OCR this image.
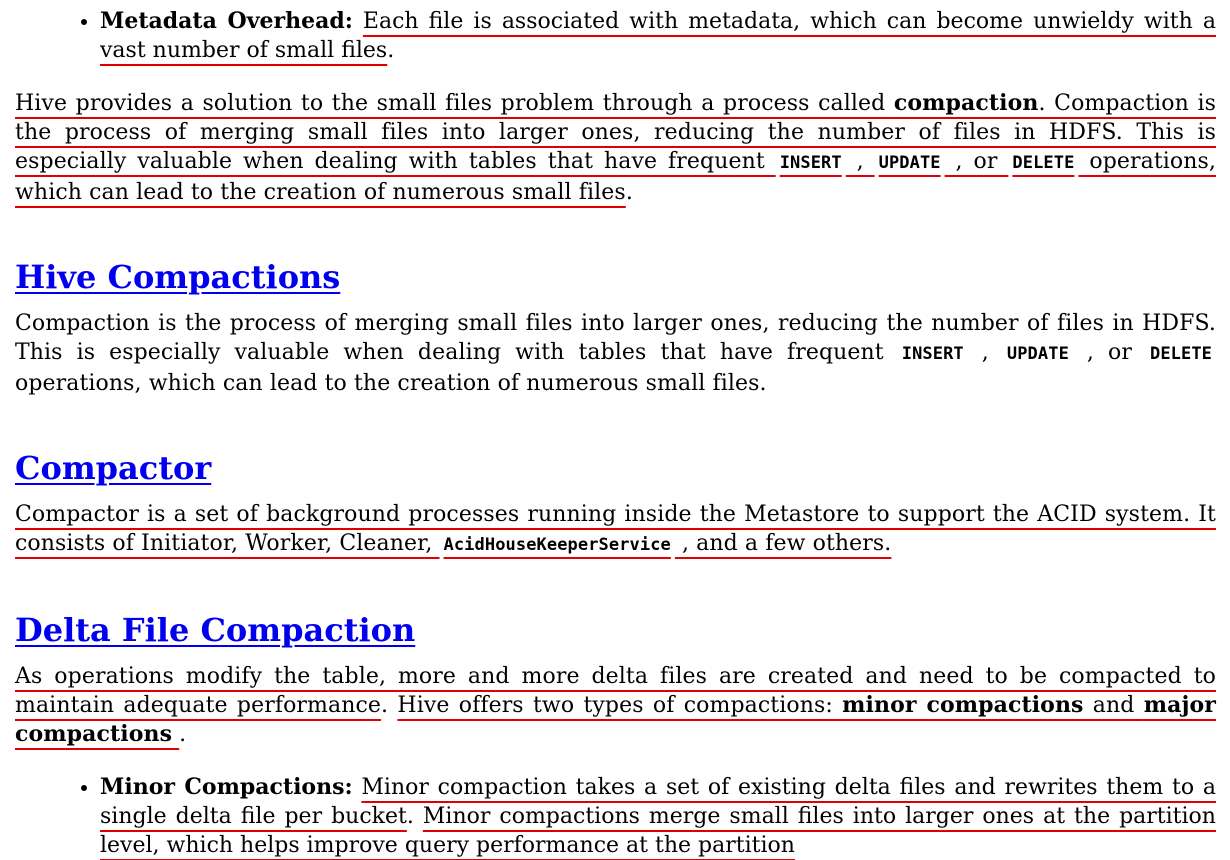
• Metadata Overhead: Each file is associated with metadata, which can become unwieldy with a vast number of small files.

Hive provides a solution to the small files problem through a process called compaction. Compaction is the process of merging small files into larger ones, reducing the number of files in HDFS. This is especially valuable when dealing with tables that have frequent INSERT , UPDATE , or DELETE operations, which can lead to the creation of numerous small files.

Hive Compactions

Compaction is the process of merging small files into larger ones, reducing the number of files in HDFS. This is especially valuable when dealing with tables that have frequent INSERT , UPDATE , or DELETE operations, which can lead to the creation of numerous small files.

Compactor

Compactor is a set of background processes running inside the Metastore to support the ACID system. It consists of Initiator, Worker, Cleaner, AcidHouseKeeperService , and a few others.

Delta File Compaction

As operations modify the table, more and more delta files are created and need to be compacted to maintain adequate performance. Hive offers two types of compactions: minor compactions and major compactions .

• Minor Compactions: Minor compaction takes a set of existing delta files and rewrites them to a single delta file per bucket. Minor compactions merge small files into larger ones at the partition level, which helps improve query performance at the partition
